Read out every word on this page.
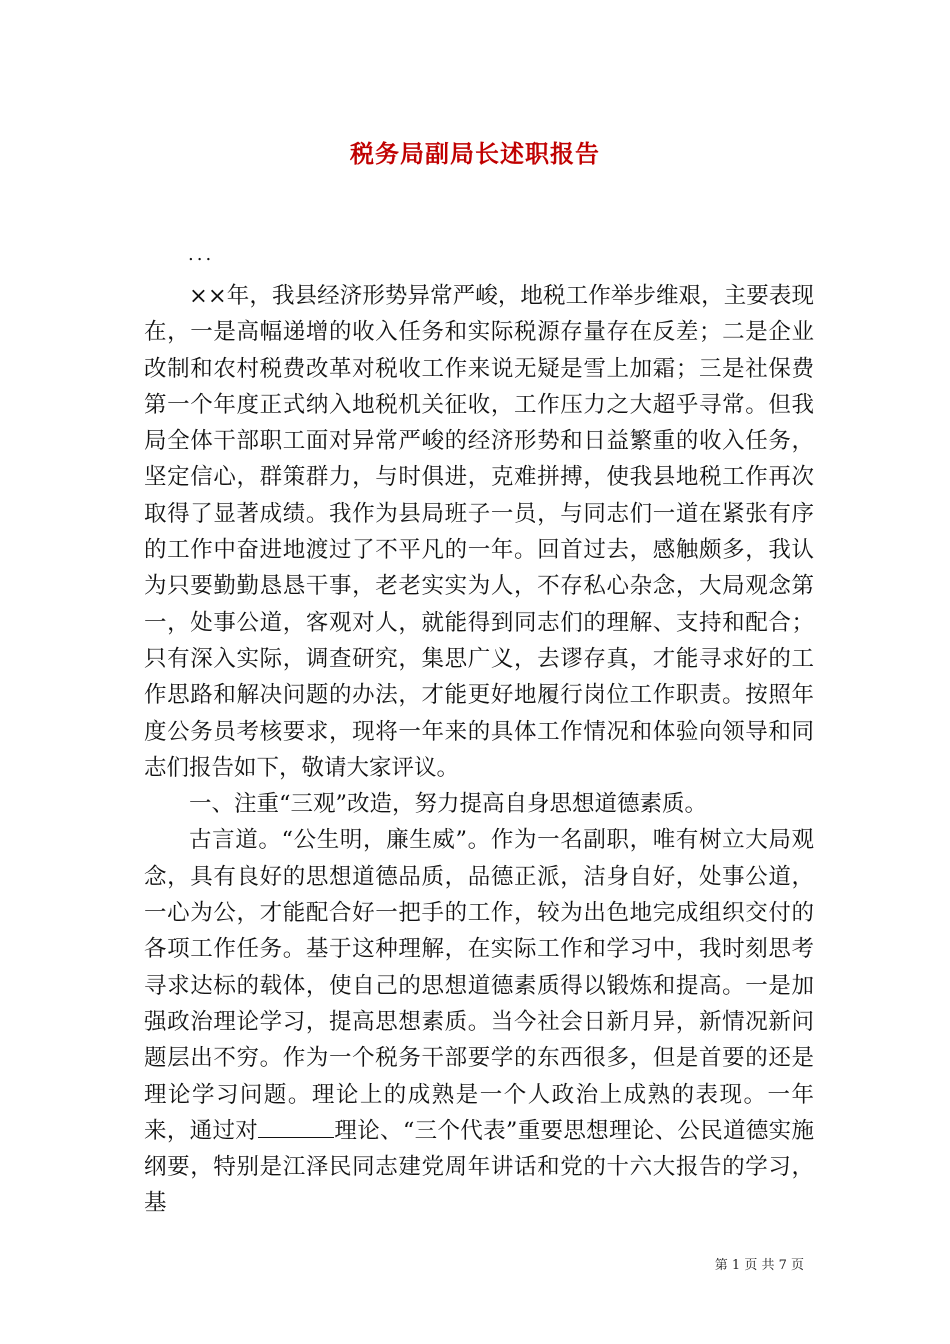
税务局副局长述职报告
...

××年，我县经济形势异常严峻，地税工作举步维艰，主要表现在，一是高幅递增的收入任务和实际税源存量存在反差；二是企业改制和农村税费改革对税收工作来说无疑是雪上加霜；三是社保费第一个年度正式纳入地税机关征收，工作压力之大超乎寻常。但我局全体干部职工面对异常严峻的经济形势和日益繁重的收入任务，坚定信心，群策群力，与时俱进，克难拼搏，使我县地税工作再次取得了显著成绩。我作为县局班子一员，与同志们一道在紧张有序的工作中奋进地渡过了不平凡的一年。回首过去，感触颇多，我认为只要勤勤恳恳干事，老老实实为人，不存私心杂念，大局观念第一，处事公道，客观对人，就能得到同志们的理解、支持和配合；只有深入实际，调查研究，集思广义，去谬存真，才能寻求好的工作思路和解决问题的办法，才能更好地履行岗位工作职责。按照年度公务员考核要求，现将一年来的具体工作情况和体验向领导和同志们报告如下，敬请大家评议。

一、注重“三观”改造，努力提高自身思想道德素质。

古言道。“公生明，廉生威”。作为一名副职，唯有树立大局观念，具有良好的思想道德品质，品德正派，洁身自好，处事公道，一心为公，才能配合好一把手的工作，较为出色地完成组织交付的各项工作任务。基于这种理解，在实际工作和学习中，我时刻思考寻求达标的载体，使自己的思想道德素质得以锻炼和提高。一是加强政治理论学习，提高思想素质。当今社会日新月异，新情况新问题层出不穷。作为一个税务干部要学的东西很多，但是首要的还是理论学习问题。理论上的成熟是一个人政治上成熟的表现。一年来，通过对	理论、“三个代表”重要思想理论、公民道德实施纲要，特别是江泽民同志建党周年讲话和党的十六大报告的学习，基

第 1 页 共 7 页
